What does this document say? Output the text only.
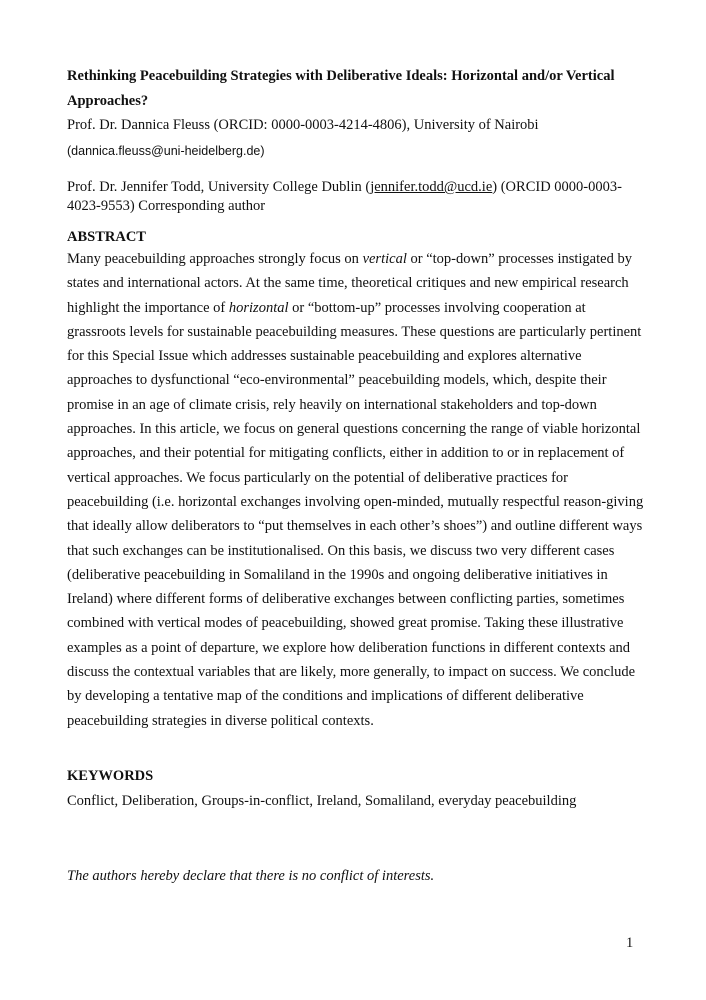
Rethinking Peacebuilding Strategies with Deliberative Ideals: Horizontal and/or Vertical Approaches?
Prof. Dr. Dannica Fleuss (ORCID: 0000-0003-4214-4806), University of Nairobi
(dannica.fleuss@uni-heidelberg.de)
Prof. Dr. Jennifer Todd, University College Dublin (jennifer.todd@ucd.ie) (ORCID 0000-0003-4023-9553) Corresponding author
ABSTRACT
Many peacebuilding approaches strongly focus on vertical or “top-down” processes instigated by states and international actors. At the same time, theoretical critiques and new empirical research highlight the importance of horizontal or “bottom-up” processes involving cooperation at grassroots levels for sustainable peacebuilding measures. These questions are particularly pertinent for this Special Issue which addresses sustainable peacebuilding and explores alternative approaches to dysfunctional “eco-environmental” peacebuilding models, which, despite their promise in an age of climate crisis, rely heavily on international stakeholders and top-down approaches. In this article, we focus on general questions concerning the range of viable horizontal approaches, and their potential for mitigating conflicts, either in addition to or in replacement of vertical approaches. We focus particularly on the potential of deliberative practices for peacebuilding (i.e. horizontal exchanges involving open-minded, mutually respectful reason-giving that ideally allow deliberators to “put themselves in each other’s shoes”) and outline different ways that such exchanges can be institutionalised. On this basis, we discuss two very different cases (deliberative peacebuilding in Somaliland in the 1990s and ongoing deliberative initiatives in Ireland) where different forms of deliberative exchanges between conflicting parties, sometimes combined with vertical modes of peacebuilding, showed great promise. Taking these illustrative examples as a point of departure, we explore how deliberation functions in different contexts and discuss the contextual variables that are likely, more generally, to impact on success. We conclude by developing a tentative map of the conditions and implications of different deliberative peacebuilding strategies in diverse political contexts.
KEYWORDS
Conflict, Deliberation, Groups-in-conflict, Ireland, Somaliland, everyday peacebuilding
The authors hereby declare that there is no conflict of interests.
1
